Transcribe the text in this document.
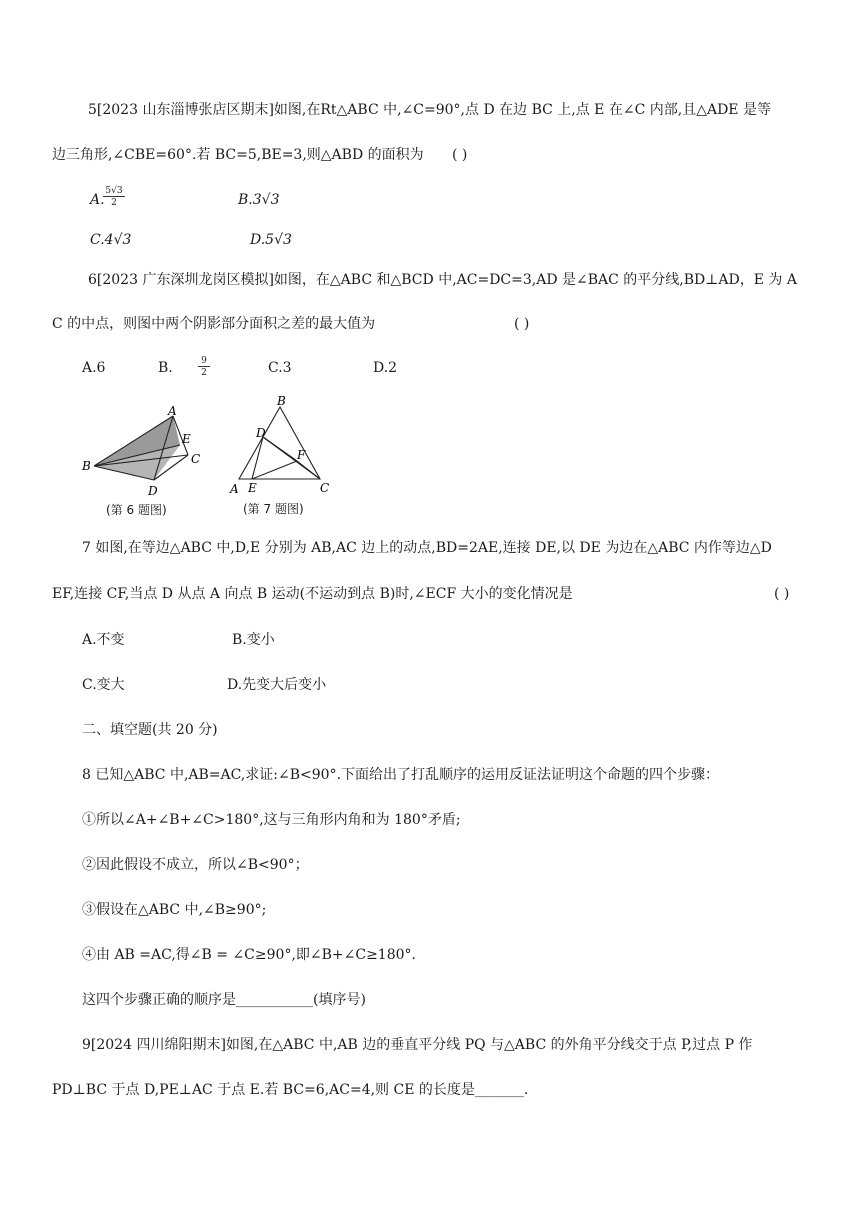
5[2023 山东淄博张店区期末]如图,在Rt△ABC 中,∠C=90°,点 D 在边 BC 上,点 E 在∠C 内部,且△ADE 是等
边三角形,∠CBE=60°.若 BC=5,BE=3,则△ABD 的面积为 ( )
A.
5√3
2	B.3√3
C.4√3	D.5√3
6[2023 广东深圳龙岗区模拟]如图，在△ABC 和△BCD 中,AC=DC=3,AD 是∠BAC 的平分线,BD⊥AD，E 为 A
C 的中点，则图中两个阴影部分面积之差的最大值为	( )
A.6	B.	9
2	C.3	D.2
A
B	C
D
E
(第 6 题图)
B
D
F
A E	C
(第 7 题图)
7 如图,在等边△ABC 中,D,E 分别为 AB,AC 边上的动点,BD=2AE,连接 DE,以 DE 为边在△ABC 内作等边△D
EF,连接 CF,当点 D 从点 A 向点 B 运动(不运动到点 B)时,∠ECF 大小的变化情况是	( )
A.不变	B.变小
C.变大	D.先变大后变小
二、填空题(共 20 分)
8 已知△ABC 中,AB=AC,求证:∠B<90°.下面给出了打乱顺序的运用反证法证明这个命题的四个步骤：
①所以∠A+∠B+∠C>180°,这与三角形内角和为 180°矛盾;
②因此假设不成立，所以∠B<90°；
③假设在△ABC 中,∠B≥90°;
④由 AB =AC,得∠B = ∠C≥90°,即∠B+∠C≥180°.
这四个步骤正确的顺序是___________(填序号)
9[2024 四川绵阳期末]如图,在△ABC 中,AB 边的垂直平分线 PQ 与△ABC 的外角平分线交于点 P,过点 P 作
PD⊥BC 于点 D,PE⊥AC 于点 E.若 BC=6,AC=4,则 CE 的长度是_______.
